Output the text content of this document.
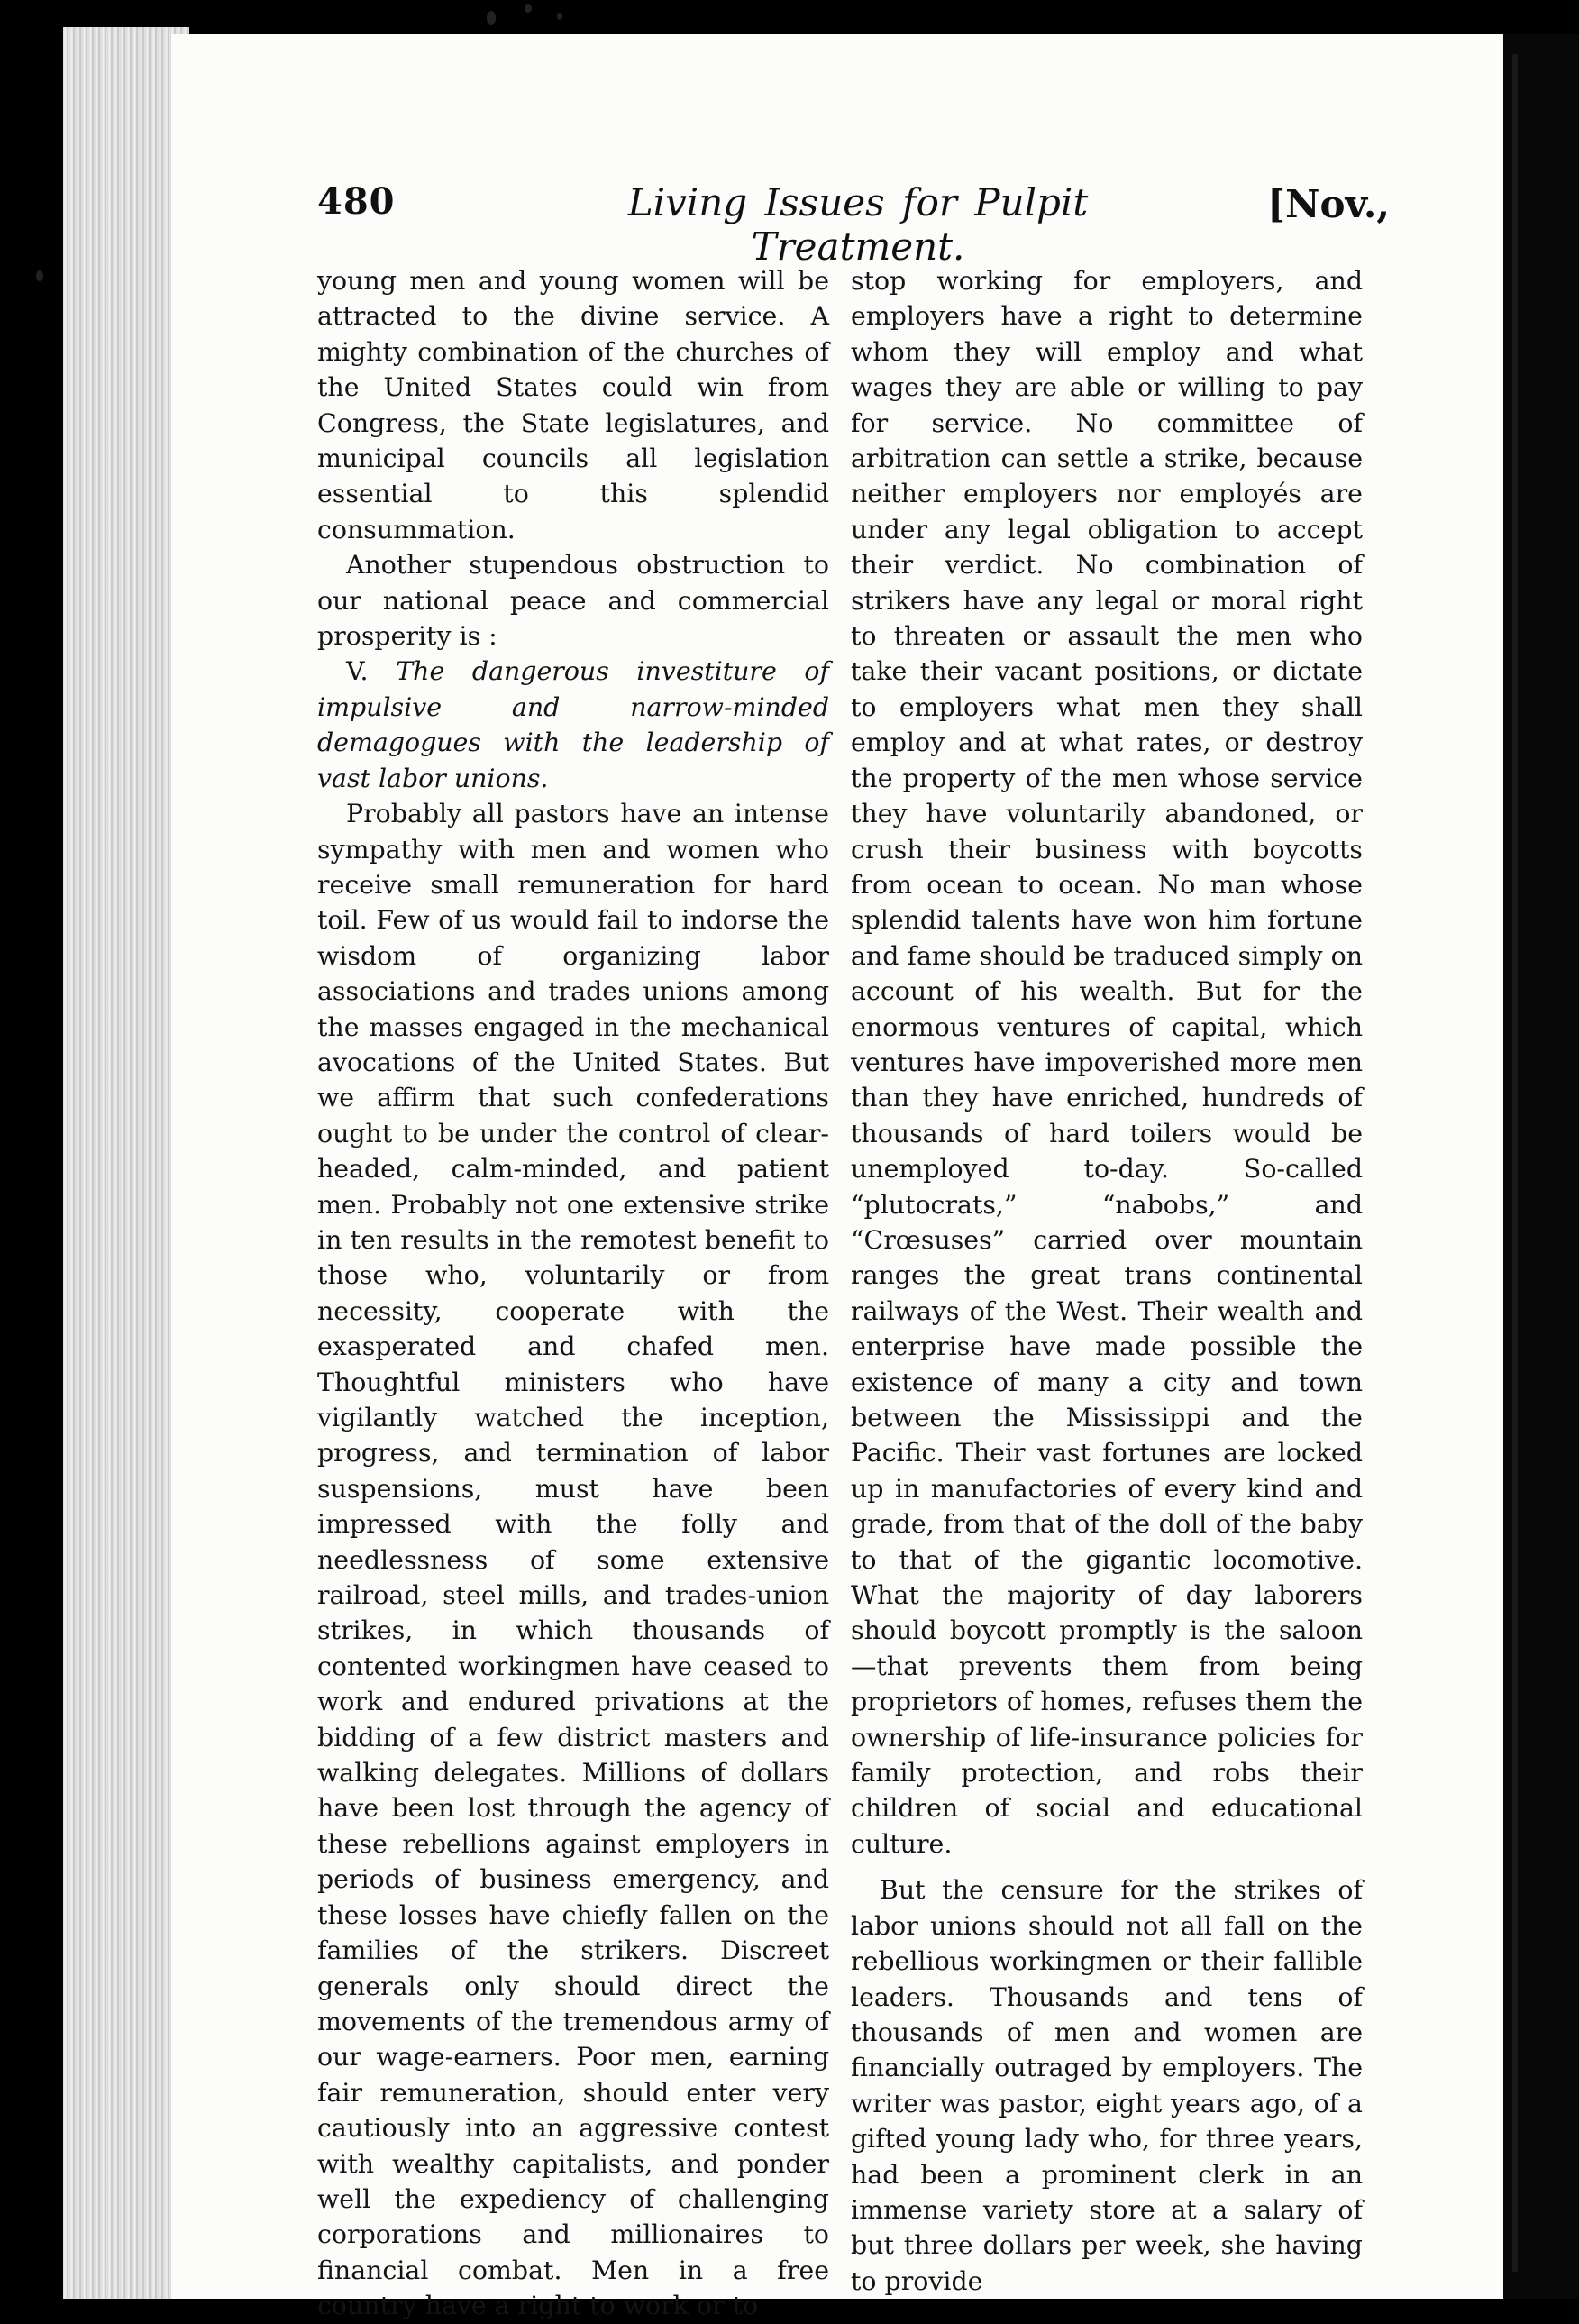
480	Living Issues for Pulpit Treatment.
[Nov.,

young men and young women will be attracted to the divine service. A mighty combination of the churches of the United States could win from Congress, the State legislatures, and municipal councils all legislation essential to this splendid consummation.

Another stupendous obstruction to our national peace and commercial prosperity is :

V. The dangerous investiture of impulsive and narrow-minded demagogues with the leadership of vast labor unions.

Probably all pastors have an intense sympathy with men and women who receive small remuneration for hard toil. Few of us would fail to indorse the wisdom of organizing labor associations and trades unions among the masses engaged in the mechanical avocations of the United States. But we affirm that such confederations ought to be under the control of clear-headed, calm-minded, and patient men. Probably not one extensive strike in ten results in the remotest benefit to those who, voluntarily or from necessity, cooperate with the exasperated and chafed men. Thoughtful ministers who have vigilantly watched the inception, progress, and termination of labor suspensions, must have been impressed with the folly and needlessness of some extensive railroad, steel mills, and trades-union strikes, in which thousands of contented workingmen have ceased to work and endured privations at the bidding of a few district masters and walking delegates. Millions of dollars have been lost through the agency of these rebellions against employers in periods of business emergency, and these losses have chiefly fallen on the families of the strikers. Discreet generals only should direct the movements of the tremendous army of our wage-earners. Poor men, earning fair remuneration, should enter very cautiously into an aggressive contest with wealthy capitalists, and ponder well the expediency of challenging corporations and millionaires to financial combat. Men in a free country have a right to work or to

stop working for employers, and employers have a right to determine whom they will employ and what wages they are able or willing to pay for service. No committee of arbitration can settle a strike, because neither employers nor employés are under any legal obligation to accept their verdict. No combination of strikers have any legal or moral right to threaten or assault the men who take their vacant positions, or dictate to employers what men they shall employ and at what rates, or destroy the property of the men whose service they have voluntarily abandoned, or crush their business with boycotts from ocean to ocean. No man whose splendid talents have won him fortune and fame should be traduced simply on account of his wealth. But for the enormous ventures of capital, which ventures have impoverished more men than they have enriched, hundreds of thousands of hard toilers would be unemployed to-day. So-called “plutocrats,” “nabobs,” and “Crœsuses” carried over mountain ranges the great trans continental railways of the West. Their wealth and enterprise have made possible the existence of many a city and town between the Mississippi and the Pacific. Their vast fortunes are locked up in manufactories of every kind and grade, from that of the doll of the baby to that of the gigantic locomotive. What the majority of day laborers should boycott promptly is the saloon —that prevents them from being proprietors of homes, refuses them the ownership of life-insurance policies for family protection, and robs their children of social and educational culture.

But the censure for the strikes of labor unions should not all fall on the rebellious workingmen or their fallible leaders. Thousands and tens of thousands of men and women are financially outraged by employers. The writer was pastor, eight years ago, of a gifted young lady who, for three years, had been a prominent clerk in an immense variety store at a salary of but three dollars per week, she having to provide
